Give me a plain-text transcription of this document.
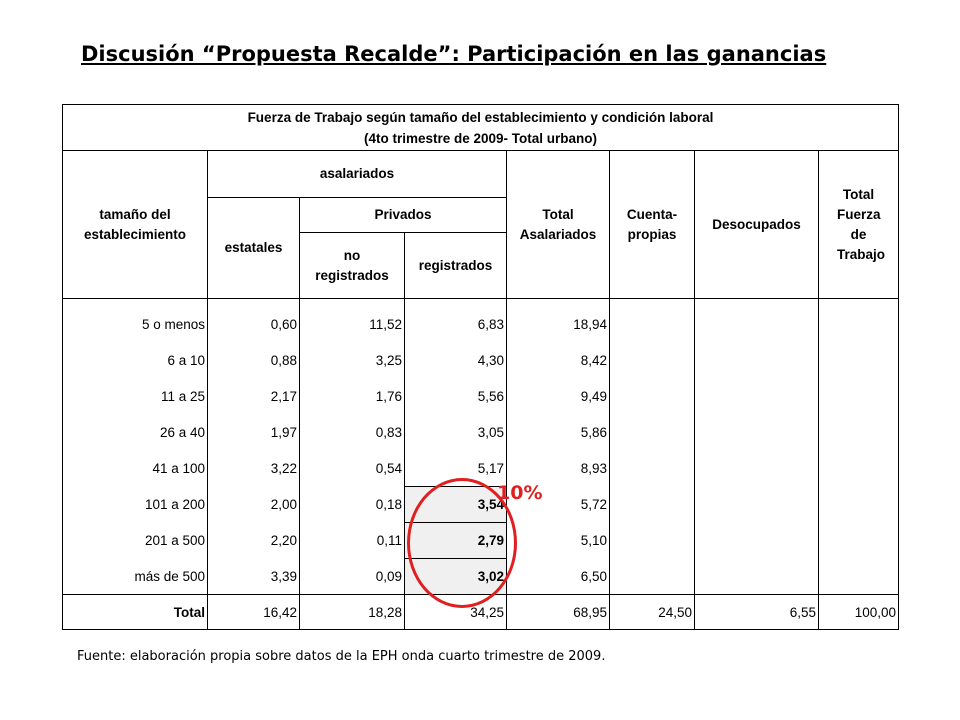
Discusión “Propuesta Recalde”: Participación en las ganancias
Fuerza de Trabajo según tamaño del establecimiento y condición laboral
(4to trimestre de 2009- Total urbano)							

tamaño del establecimiento	asalariados			Total Asalariados	Cuenta-propias	Desocupados	Total Fuerza de Trabajo
	estatales	Privados					
		no registrados	registrados				
5 o menos	0,60	11,52	6,83	18,94			
6 a 10	0,88	3,25	4,30	8,42			
11 a 25	2,17	1,76	5,56	9,49			
26 a 40	1,97	0,83	3,05	5,86			
41 a 100	3,22	0,54	5,17	8,93			
101 a 200	2,00	0,18	3,54	5,72			
201 a 500	2,20	0,11	2,79	5,10			
más de 500	3,39	0,09	3,02	6,50			
Total	16,42	18,28	34,25	68,95	24,50	6,55	100,00
10%
Fuente: elaboración propia sobre datos de la EPH onda cuarto trimestre de 2009.
